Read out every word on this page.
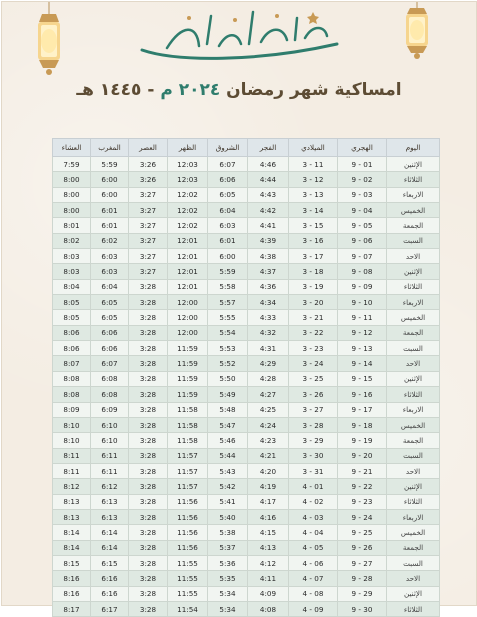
امساكية شهر رمضان ٢٠٢٤ م - ١٤٤٥ هـ
اليوم	الهجري	الميلادي	الفجر	الشروق	الظهر	العصر	المغرب	العشاء
الإثنين	01 - 9	11 - 3	4:46	6:07	12:03	3:26	5:59	7:59
الثلاثاء	02 - 9	12 - 3	4:44	6:06	12:03	3:26	6:00	8:00
الاربعاء	03 - 9	13 - 3	4:43	6:05	12:02	3:27	6:00	8:00
الخميس	04 - 9	14 - 3	4:42	6:04	12:02	3:27	6:01	8:00
الجمعة	05 - 9	15 - 3	4:41	6:03	12:02	3:27	6:01	8:01
السبت	06 - 9	16 - 3	4:39	6:01	12:01	3:27	6:02	8:02
الاحد	07 - 9	17 - 3	4:38	6:00	12:01	3:27	6:03	8:03
الإثنين	08 - 9	18 - 3	4:37	5:59	12:01	3:27	6:03	8:03
الثلاثاء	09 - 9	19 - 3	4:36	5:58	12:01	3:28	6:04	8:04
الاربعاء	10 - 9	20 - 3	4:34	5:57	12:00	3:28	6:05	8:05
الخميس	11 - 9	21 - 3	4:33	5:55	12:00	3:28	6:05	8:05
الجمعة	12 - 9	22 - 3	4:32	5:54	12:00	3:28	6:06	8:06
السبت	13 - 9	23 - 3	4:31	5:53	11:59	3:28	6:06	8:06
الاحد	14 - 9	24 - 3	4:29	5:52	11:59	3:28	6:07	8:07
الإثنين	15 - 9	25 - 3	4:28	5:50	11:59	3:28	6:08	8:08
الثلاثاء	16 - 9	26 - 3	4:27	5:49	11:59	3:28	6:08	8:08
الاربعاء	17 - 9	27 - 3	4:25	5:48	11:58	3:28	6:09	8:09
الخميس	18 - 9	28 - 3	4:24	5:47	11:58	3:28	6:10	8:10
الجمعة	19 - 9	29 - 3	4:23	5:46	11:58	3:28	6:10	8:10
السبت	20 - 9	30 - 3	4:21	5:44	11:57	3:28	6:11	8:11
الاحد	21 - 9	31 - 3	4:20	5:43	11:57	3:28	6:11	8:11
الإثنين	22 - 9	01 - 4	4:19	5:42	11:57	3:28	6:12	8:12
الثلاثاء	23 - 9	02 - 4	4:17	5:41	11:56	3:28	6:13	8:13
الاربعاء	24 - 9	03 - 4	4:16	5:40	11:56	3:28	6:13	8:13
الخميس	25 - 9	04 - 4	4:15	5:38	11:56	3:28	6:14	8:14
الجمعة	26 - 9	05 - 4	4:13	5:37	11:56	3:28	6:14	8:14
السبت	27 - 9	06 - 4	4:12	5:36	11:55	3:28	6:15	8:15
الاحد	28 - 9	07 - 4	4:11	5:35	11:55	3:28	6:16	8:16
الإثنين	29 - 9	08 - 4	4:09	5:34	11:55	3:28	6:16	8:16
الثلاثاء	30 - 9	09 - 4	4:08	5:34	11:54	3:28	6:17	8:17
